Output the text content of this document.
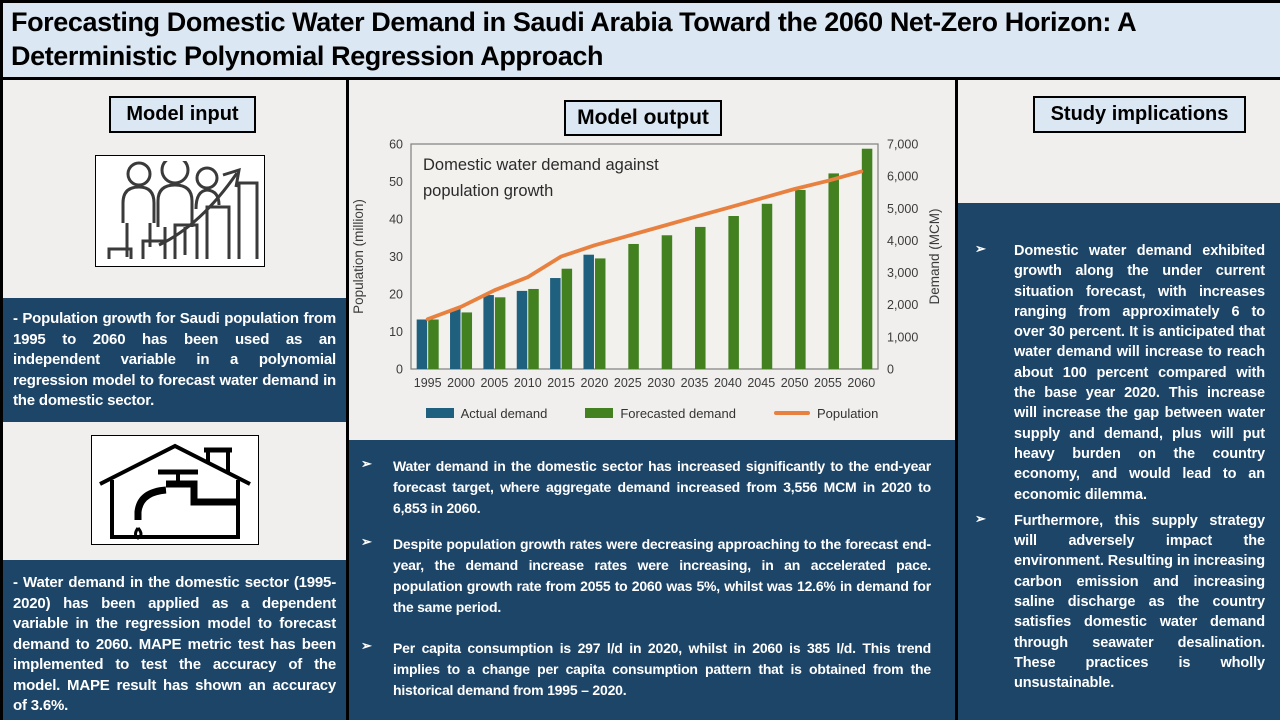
Forecasting Domestic Water Demand in Saudi Arabia Toward the 2060 Net-Zero Horizon: A Deterministic Polynomial Regression Approach
Model input

- Population growth for Saudi population from 1995 to 2060 has been used as an independent variable in a polynomial regression model to forecast water demand in the domestic sector.

- Water demand in the domestic sector (1995-2020) has been applied as a dependent variable in the regression model to forecast demand to 2060. MAPE metric test has been implemented to test the accuracy of the model. MAPE result has shown an accuracy of 3.6%.

Model output
0
10
20
30
40
50
60
0
1,000
2,000
3,000
4,000
5,000
6,000
7,000
1995 2000 2005 2010 2015 2020 2025 2030 2035 2040 2045 2050 2055 2060
Population (million)	Demand (MCM)
Domestic water demand against population growth
Actual demand	Forecasted demand	Population
➢	Water demand in the domestic sector has increased significantly to the end-year forecast target, where aggregate demand increased from 3,556 MCM in 2020 to 6,853 in 2060.

➢	Despite population growth rates were decreasing approaching to the forecast end-year, the demand increase rates were increasing, in an accelerated pace. population growth rate from 2055 to 2060 was 5%, whilst was 12.6% in demand for the same period.

➢	Per capita consumption is 297 l/d in 2020, whilst in 2060 is 385 l/d. This trend implies to a change per capita consumption pattern that is obtained from the historical demand from 1995 – 2020.

Study implications
➢	Domestic water demand exhibited growth along the under current situation forecast, with increases ranging from approximately 6 to over 30 percent. It is anticipated that water demand will increase to reach about 100 percent compared with the base year 2020. This increase will increase the gap between water supply and demand, plus will put heavy burden on the country economy, and would lead to an economic dilemma.

➢	Furthermore, this supply strategy will adversely impact the environment. Resulting in increasing carbon emission and increasing saline discharge as the country satisfies domestic water demand through seawater desalination. These practices is wholly unsustainable.
